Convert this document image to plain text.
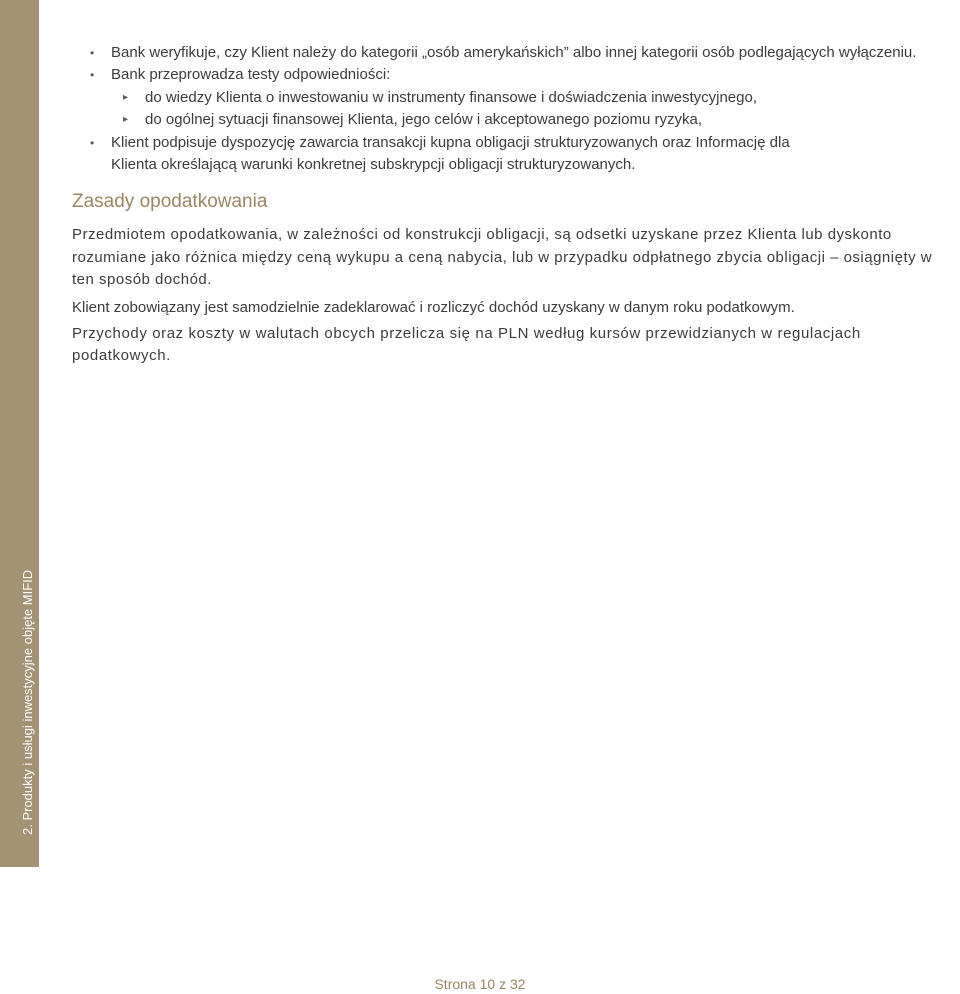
2. Produkty i usługi inwestycyjne objęte MIFID
• Bank weryfikuje, czy Klient należy do kategorii „osób amerykańskich” albo innej kategorii osób podlegających wyłączeniu.
• Bank przeprowadza testy odpowiedniości:
▸ do wiedzy Klienta o inwestowaniu w instrumenty finansowe i doświadczenia inwestycyjnego,
▸ do ogólnej sytuacji finansowej Klienta, jego celów i akceptowanego poziomu ryzyka,
• Klient podpisuje dyspozycję zawarcia transakcji kupna obligacji strukturyzowanych oraz Informację dla Klienta określającą warunki konkretnej subskrypcji obligacji strukturyzowanych.
Zasady opodatkowania

Przedmiotem opodatkowania, w zależności od konstrukcji obligacji, są odsetki uzyskane przez Klienta lub dyskonto rozumiane jako różnica między ceną wykupu a ceną nabycia, lub w przypadku odpłatnego zbycia obligacji – osiągnięty w ten sposób dochód.

Klient zobowiązany jest samodzielnie zadeklarować i rozliczyć dochód uzyskany w danym roku podatkowym.

Przychody oraz koszty w walutach obcych przelicza się na PLN według kursów przewidzianych w regulacjach podatkowych.

Strona 10 z 32
